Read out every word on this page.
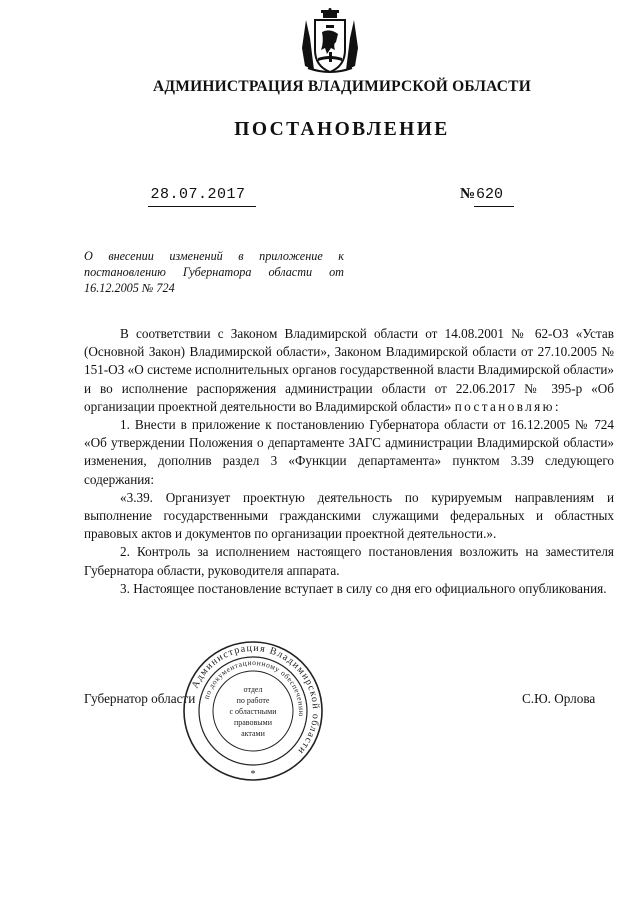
АДМИНИСТРАЦИЯ ВЛАДИМИРСКОЙ ОБЛАСТИ
ПОСТАНОВЛЕНИЕ
28.07.2017	№ 620
О внесении изменений в приложение к постановлению Губернатора области от 16.12.2005 № 724

В соответствии с Законом Владимирской области от 14.08.2001 № 62-ОЗ «Устав (Основной Закон) Владимирской области», Законом Владимирской области от 27.10.2005 № 151-ОЗ «О системе исполнительных органов государственной власти Владимирской области» и во исполнение распоряжения администрации области от 22.06.2017 № 395-р «Об организации проектной деятельности во Владимирской области» постановляю:

1. Внести в приложение к постановлению Губернатора области от 16.12.2005 № 724 «Об утверждении Положения о департаменте ЗАГС администрации Владимирской области» изменения, дополнив раздел 3 «Функции департамента» пунктом 3.39 следующего содержания:

«3.39. Организует проектную деятельность по курируемым направлениям и выполнение государственными гражданскими служащими федеральных и областных правовых актов и документов по организации проектной деятельности.».

2. Контроль за исполнением настоящего постановления возложить на заместителя Губернатора области, руководителя аппарата.

3. Настоящее постановление вступает в силу со дня его официального опубликования.

Губернатор области	С.Ю. Орлова
Администрация Владимирской области
по документационному обеспечению
отдел
по работе
с областными
правовыми
актами
*
